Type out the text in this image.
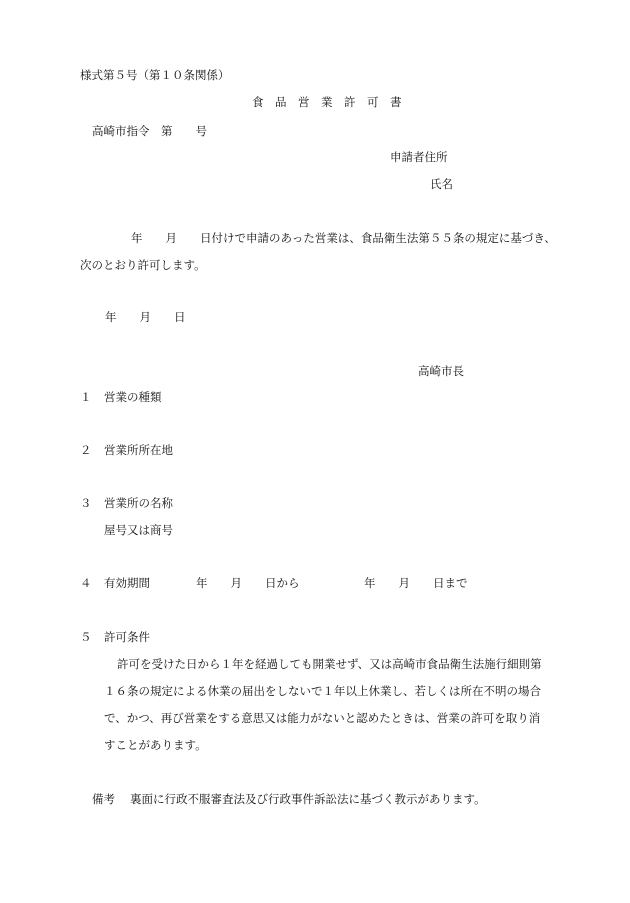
様式第５号（第１０条関係）
食　品　営　業　許　可　書
高崎市指令　第　　号
申請者住所
氏名
年　　月　　日付けで申請のあった営業は、食品衛生法第５５条の規定に基づき、
次のとおり許可します。
年　　月　　日
高崎市長
１ 営業の種類
２ 営業所所在地
３ 営業所の名称
屋号又は商号
４ 有効期間	年　　月　　日から	年　　月　　日まで
５ 許可条件
許可を受けた日から１年を経過しても開業せず、又は高崎市食品衛生法施行細則第
１６条の規定による休業の届出をしないで１年以上休業し、若しくは所在不明の場合
で、かつ、再び営業をする意思又は能力がないと認めたときは、営業の許可を取り消
すことがあります。
備考 裏面に行政不服審査法及び行政事件訴訟法に基づく教示があります。
